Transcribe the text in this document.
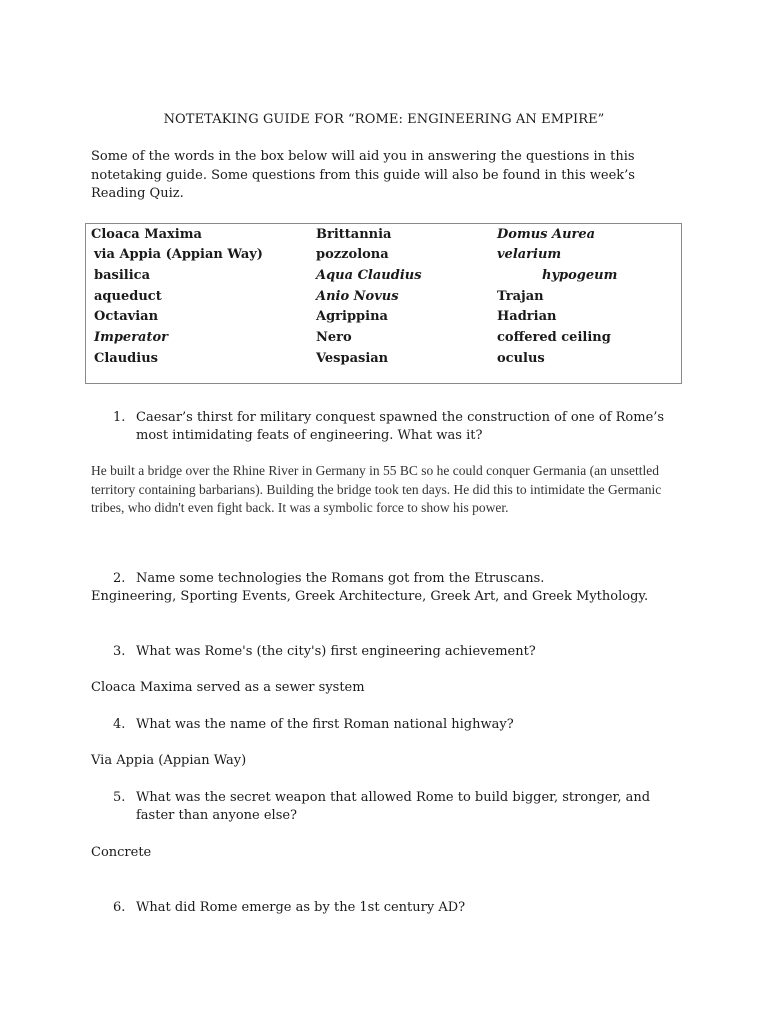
NOTETAKING GUIDE FOR “ROME: ENGINEERING AN EMPIRE”
Some of the words in the box below will aid you in answering the questions in this notetaking guide. Some questions from this guide will also be found in this week’s Reading Quiz.
Cloaca Maxima
via Appia (Appian Way)
basilica
aqueduct
Octavian
Imperator
Claudius
Brittannia
pozzolona
Aqua Claudius
Anio Novus
Agrippina
Nero
Vespasian
Domus Aurea
velarium
hypogeum
Trajan
Hadrian
coffered ceiling
oculus
1. Caesar’s thirst for military conquest spawned the construction of one of Rome’s most intimidating feats of engineering. What was it?
He built a bridge over the Rhine River in Germany in 55 BC so he could conquer Germania (an unsettled territory containing barbarians). Building the bridge took ten days. He did this to intimidate the Germanic tribes, who didn't even fight back. It was a symbolic force to show his power.
2. Name some technologies the Romans got from the Etruscans.
Engineering, Sporting Events, Greek Architecture, Greek Art, and Greek Mythology.
3. What was Rome's (the city's) first engineering achievement?
Cloaca Maxima served as a sewer system
4. What was the name of the first Roman national highway?
Via Appia (Appian Way)
5. What was the secret weapon that allowed Rome to build bigger, stronger, and faster than anyone else?
Concrete
6. What did Rome emerge as by the 1st century AD?
